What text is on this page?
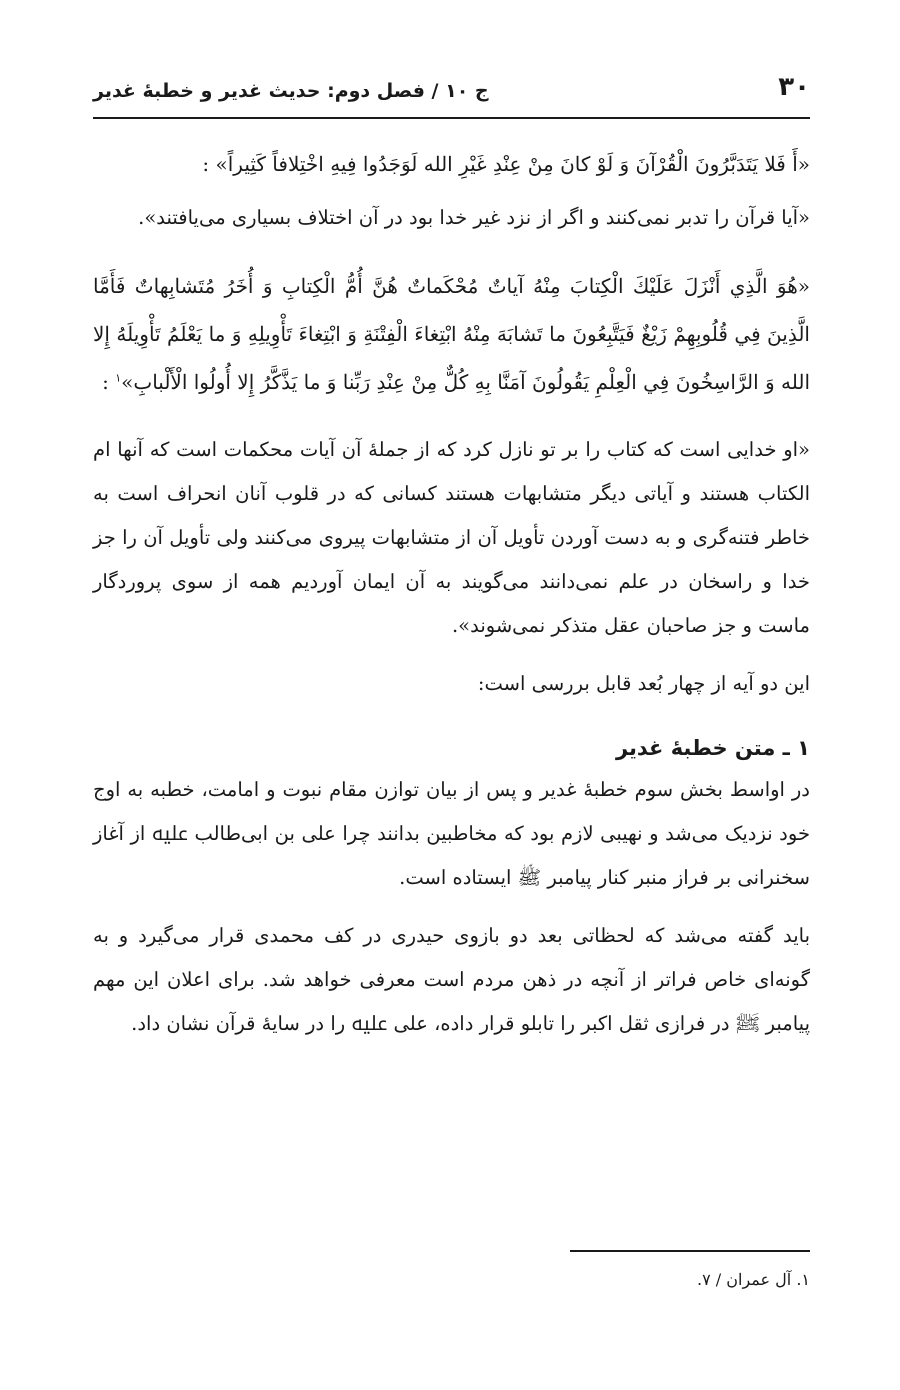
۳۰
ج ۱۰ / فصل دوم: حدیث غدیر و خطبهٔ غدیر

«أَ فَلا يَتَدَبَّرُونَ الْقُرْآنَ وَ لَوْ كانَ مِنْ عِنْدِ غَيْرِ الله لَوَجَدُوا فِيهِ اخْتِلافاً كَثِيراً» :

«آيا قرآن را تدبر نمی‌کنند و اگر از نزد غير خدا بود در آن اختلاف بسياری می‌يافتند».

«هُوَ الَّذِي أَنْزَلَ عَلَيْكَ الْكِتابَ مِنْهُ آياتٌ مُحْكَماتٌ هُنَّ أُمُّ الْكِتابِ وَ أُخَرُ مُتَشابِهاتٌ فَأَمَّا الَّذِينَ فِي قُلُوبِهِمْ زَيْغٌ فَيَتَّبِعُونَ ما تَشابَهَ مِنْهُ ابْتِغاءَ الْفِتْنَةِ وَ ابْتِغاءَ تَأْوِيلِهِ وَ ما يَعْلَمُ تَأْوِيلَهُ إِلا الله وَ الرَّاسِخُونَ فِي الْعِلْمِ يَقُولُونَ آمَنَّا بِهِ كُلٌّ مِنْ عِنْدِ رَبِّنا وَ ما يَذَّكَّرُ إِلا أُولُوا الْأَلْبابِ»$^۱$ :

«او خدايی است که کتاب را بر تو نازل کرد که از جملهٔ آن آيات محکمات است که آنها ام الکتاب هستند و آياتی ديگر متشابهات هستند کسانی که در قلوب آنان انحراف است به خاطر فتنه‌گری و به دست آوردن تأويل آن از متشابهات پيروی می‌کنند ولی تأويل آن را جز خدا و راسخان در علم نمی‌دانند می‌گويند به آن ايمان آورديم همه از سوی پروردگار ماست و جز صاحبان عقل متذکر نمی‌شوند».

اين دو آيه از چهار بُعد قابل بررسی است:

۱ ـ متن خطبهٔ غدير

در اواسط بخش سوم خطبهٔ غدير و پس از بيان توازن مقام نبوت و امامت، خطبه به اوج خود نزديک می‌شد و نهيبی لازم بود که مخاطبين بدانند چرا علی بن ابی‌طالب ﷷ از آغاز سخنرانی بر فراز منبر کنار پيامبر ﷺ ايستاده است.

بايد گفته می‌شد که لحظاتی بعد دو بازوی حيدری در کف محمدی قرار می‌گيرد و به گونه‌ای خاص فراتر از آنچه در ذهن مردم است معرفی خواهد شد. برای اعلان اين مهم پيامبر ﷺ در فرازی ثقل اکبر را تابلو قرار داده، علی ﷷ را در سايهٔ قرآن نشان داد.

۱. آل عمران / ۷.
